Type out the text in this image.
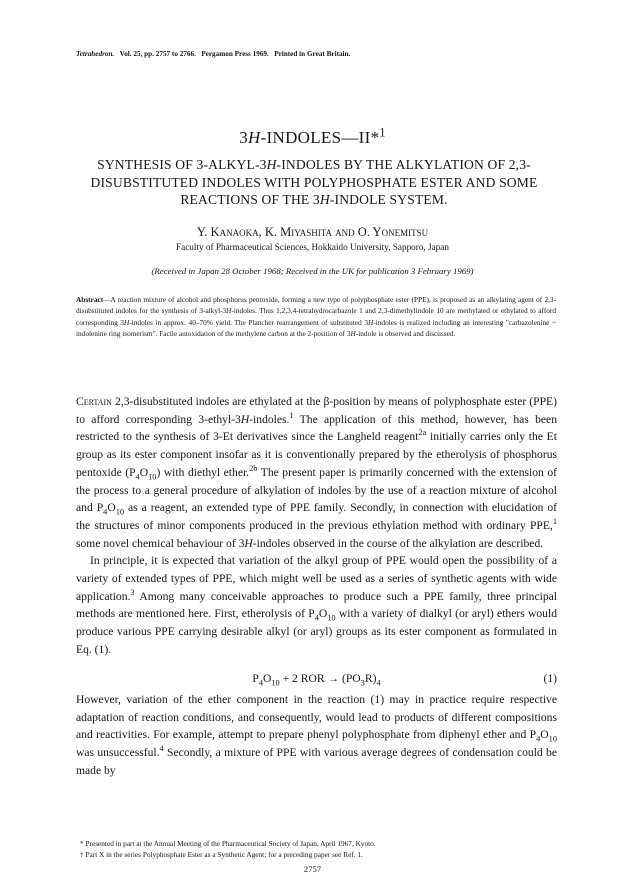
Tetrahedron. Vol. 25, pp. 2757 to 2766. Pergamon Press 1969. Printed in Great Britain.
3H-INDOLES—II*$^1$
SYNTHESIS OF 3-ALKYL-3H-INDOLES BY THE ALKYLATION OF 2,3-DISUBSTITUTED INDOLES WITH POLYPHOSPHATE ESTER AND SOME REACTIONS OF THE 3H-INDOLE SYSTEM.
Y. Kanaoka, K. Miyashita and O. Yonemitsu
Faculty of Pharmaceutical Sciences, Hokkaido University, Sapporo, Japan
(Received in Japan 28 October 1968; Received in the UK for publication 3 February 1969)
Abstract—A reaction mixture of alcohol and phosphorus pentoxide, forming a new type of polyphosphate ester (PPE), is proposed as an alkylating agent of 2,3-disubstituted indoles for the synthesis of 3-alkyl-3H-indoles. Thus 1,2,3,4-tetrahydrocarbazole 1 and 2,3-dimethylindole 10 are methylated or ethylated to afford corresponding 3H-indoles in approx. 40–70% yield. The Plancher rearrangement of substituted 3H-indoles is realized including an interesting "carbazolenine ~ indolenine ring isomerism". Facile autoxidation of the methylene carbon at the 2-position of 3H-indole is observed and discussed.

Certain 2,3-disubstituted indoles are ethylated at the β-position by means of polyphosphate ester (PPE) to afford corresponding 3-ethyl-3H-indoles.$^1$ The application of this method, however, has been restricted to the synthesis of 3-Et derivatives since the Langheld reagent$^{2a}$ initially carries only the Et group as its ester component insofar as it is conventionally prepared by the etherolysis of phosphorus pentoxide $(P_4O_{10})$ with diethyl ether.$^{2b}$ The present paper is primarily concerned with the extension of the process to a general procedure of alkylation of indoles by the use of a reaction mixture of alcohol and $P_4O_{10}$ as a reagent, an extended type of PPE family. Secondly, in connection with elucidation of the structures of minor components produced in the previous ethylation method with ordinary PPE,$^1$ some novel chemical behaviour of 3H-indoles observed in the course of the alkylation are described.

In principle, it is expected that variation of the alkyl group of PPE would open the possibility of a variety of extended types of PPE, which might well be used as a series of synthetic agents with wide application.$^3$ Among many conceivable approaches to produce such a PPE family, three principal methods are mentioned here. First, etherolysis of $P_4O_{10}$ with a variety of dialkyl (or aryl) ethers would produce various PPE carrying desirable alkyl (or aryl) groups as its ester component as formulated in Eq. (1).

$P_4O_{10} + 2$ ROR → $(PO_3R)_4$	(1)

However, variation of the ether component in the reaction (1) may in practice require respective adaptation of reaction conditions, and consequently, would lead to products of different compositions and reactivities. For example, attempt to prepare phenyl polyphosphate from diphenyl ether and $P_4O_{10}$ was unsuccessful.$^4$ Secondly, a mixture of PPE with various average degrees of condensation could be made by

* Presented in part at the Annual Meeting of the Pharmaceutical Society of Japan, April 1967, Kyoto.
† Part X in the series Polyphosphate Ester as a Synthetic Agent; for a preceding paper see Ref. 1.
2757
